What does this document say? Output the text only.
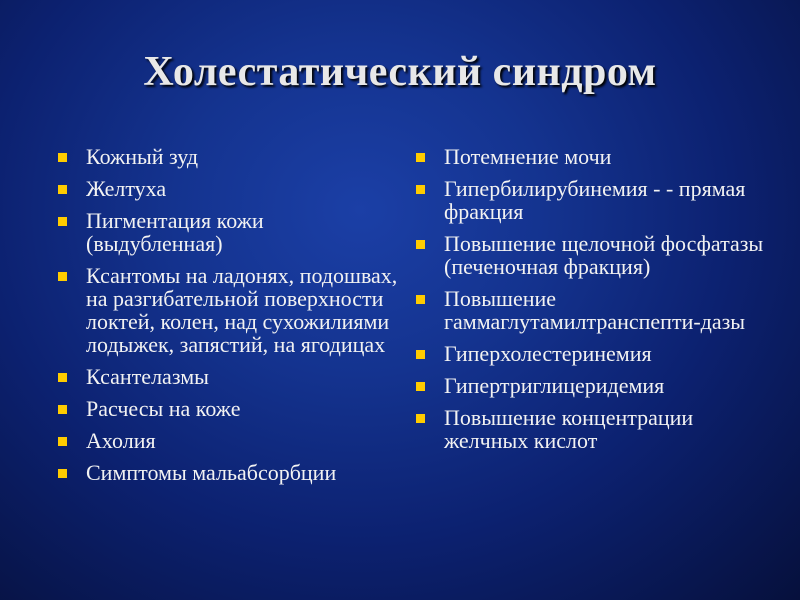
Холестатический синдром
Кожный зуд
Желтуха
Пигментация кожи (выдубленная)
Ксантомы на ладонях, подошвах, на разгибательной поверхности локтей, колен, над сухожилиями лодыжек, запястий, на ягодицах
Ксантелазмы
Расчесы на коже
Ахолия
Симптомы мальабсорбции
Потемнение мочи
Гипербилирубинемия - - прямая фракция
Повышение щелочной фосфатазы (печеночная фракция)
Повышение гаммаглутамилтранспепти-дазы
Гиперхолестеринемия
Гипертриглицеридемия
Повышение концентрации желчных кислот
